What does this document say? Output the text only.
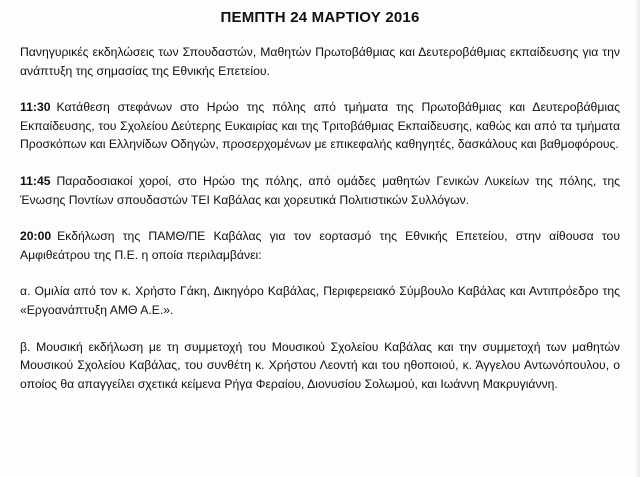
ΠΕΜΠΤΗ 24 ΜΑΡΤΙΟΥ 2016

Πανηγυρικές εκδηλώσεις των Σπουδαστών, Μαθητών Πρωτοβάθμιας και Δευτεροβάθμιας εκπαίδευσης για την ανάπτυξη της σημασίας της Εθνικής Επετείου.

11:30 Κατάθεση στεφάνων στο Ηρώο της πόλης από τμήματα της Πρωτοβάθμιας και Δευτεροβάθμιας Εκπαίδευσης, του Σχολείου Δεύτερης Ευκαιρίας και της Τριτοβάθμιας Εκπαίδευσης, καθώς και από τα τμήματα Προσκόπων και Ελληνίδων Οδηγών, προσερχομένων με επικεφαλής καθηγητές, δασκάλους και βαθμοφόρους.

11:45 Παραδοσιακοί χοροί, στο Ηρώο της πόλης, από ομάδες μαθητών Γενικών Λυκείων της πόλης, της Ένωσης Ποντίων σπουδαστών ΤΕΙ Καβάλας και χορευτικά Πολιτιστικών Συλλόγων.

20:00 Εκδήλωση της ΠΑΜΘ/ΠΕ Καβάλας για τον εορτασμό της Εθνικής Επετείου, στην αίθουσα του Αμφιθεάτρου της Π.Ε. η οποία περιλαμβάνει:

α. Ομιλία από τον κ. Χρήστο Γάκη, Δικηγόρο Καβάλας, Περιφερειακό Σύμβουλο Καβάλας και Αντιπρόεδρο της «Εργοανάπτυξη ΑΜΘ Α.Ε.».

β. Μουσική εκδήλωση με τη συμμετοχή του Μουσικού Σχολείου Καβάλας και την συμμετοχή των μαθητών Μουσικού Σχολείου Καβάλας, του συνθέτη κ. Χρήστου Λεοντή και του ηθοποιού, κ. Άγγελου Αντωνόπουλου, ο οποίος θα απαγγείλει σχετικά κείμενα Ρήγα Φεραίου, Διονυσίου Σολωμού, και Ιωάννη Μακρυγιάννη.
